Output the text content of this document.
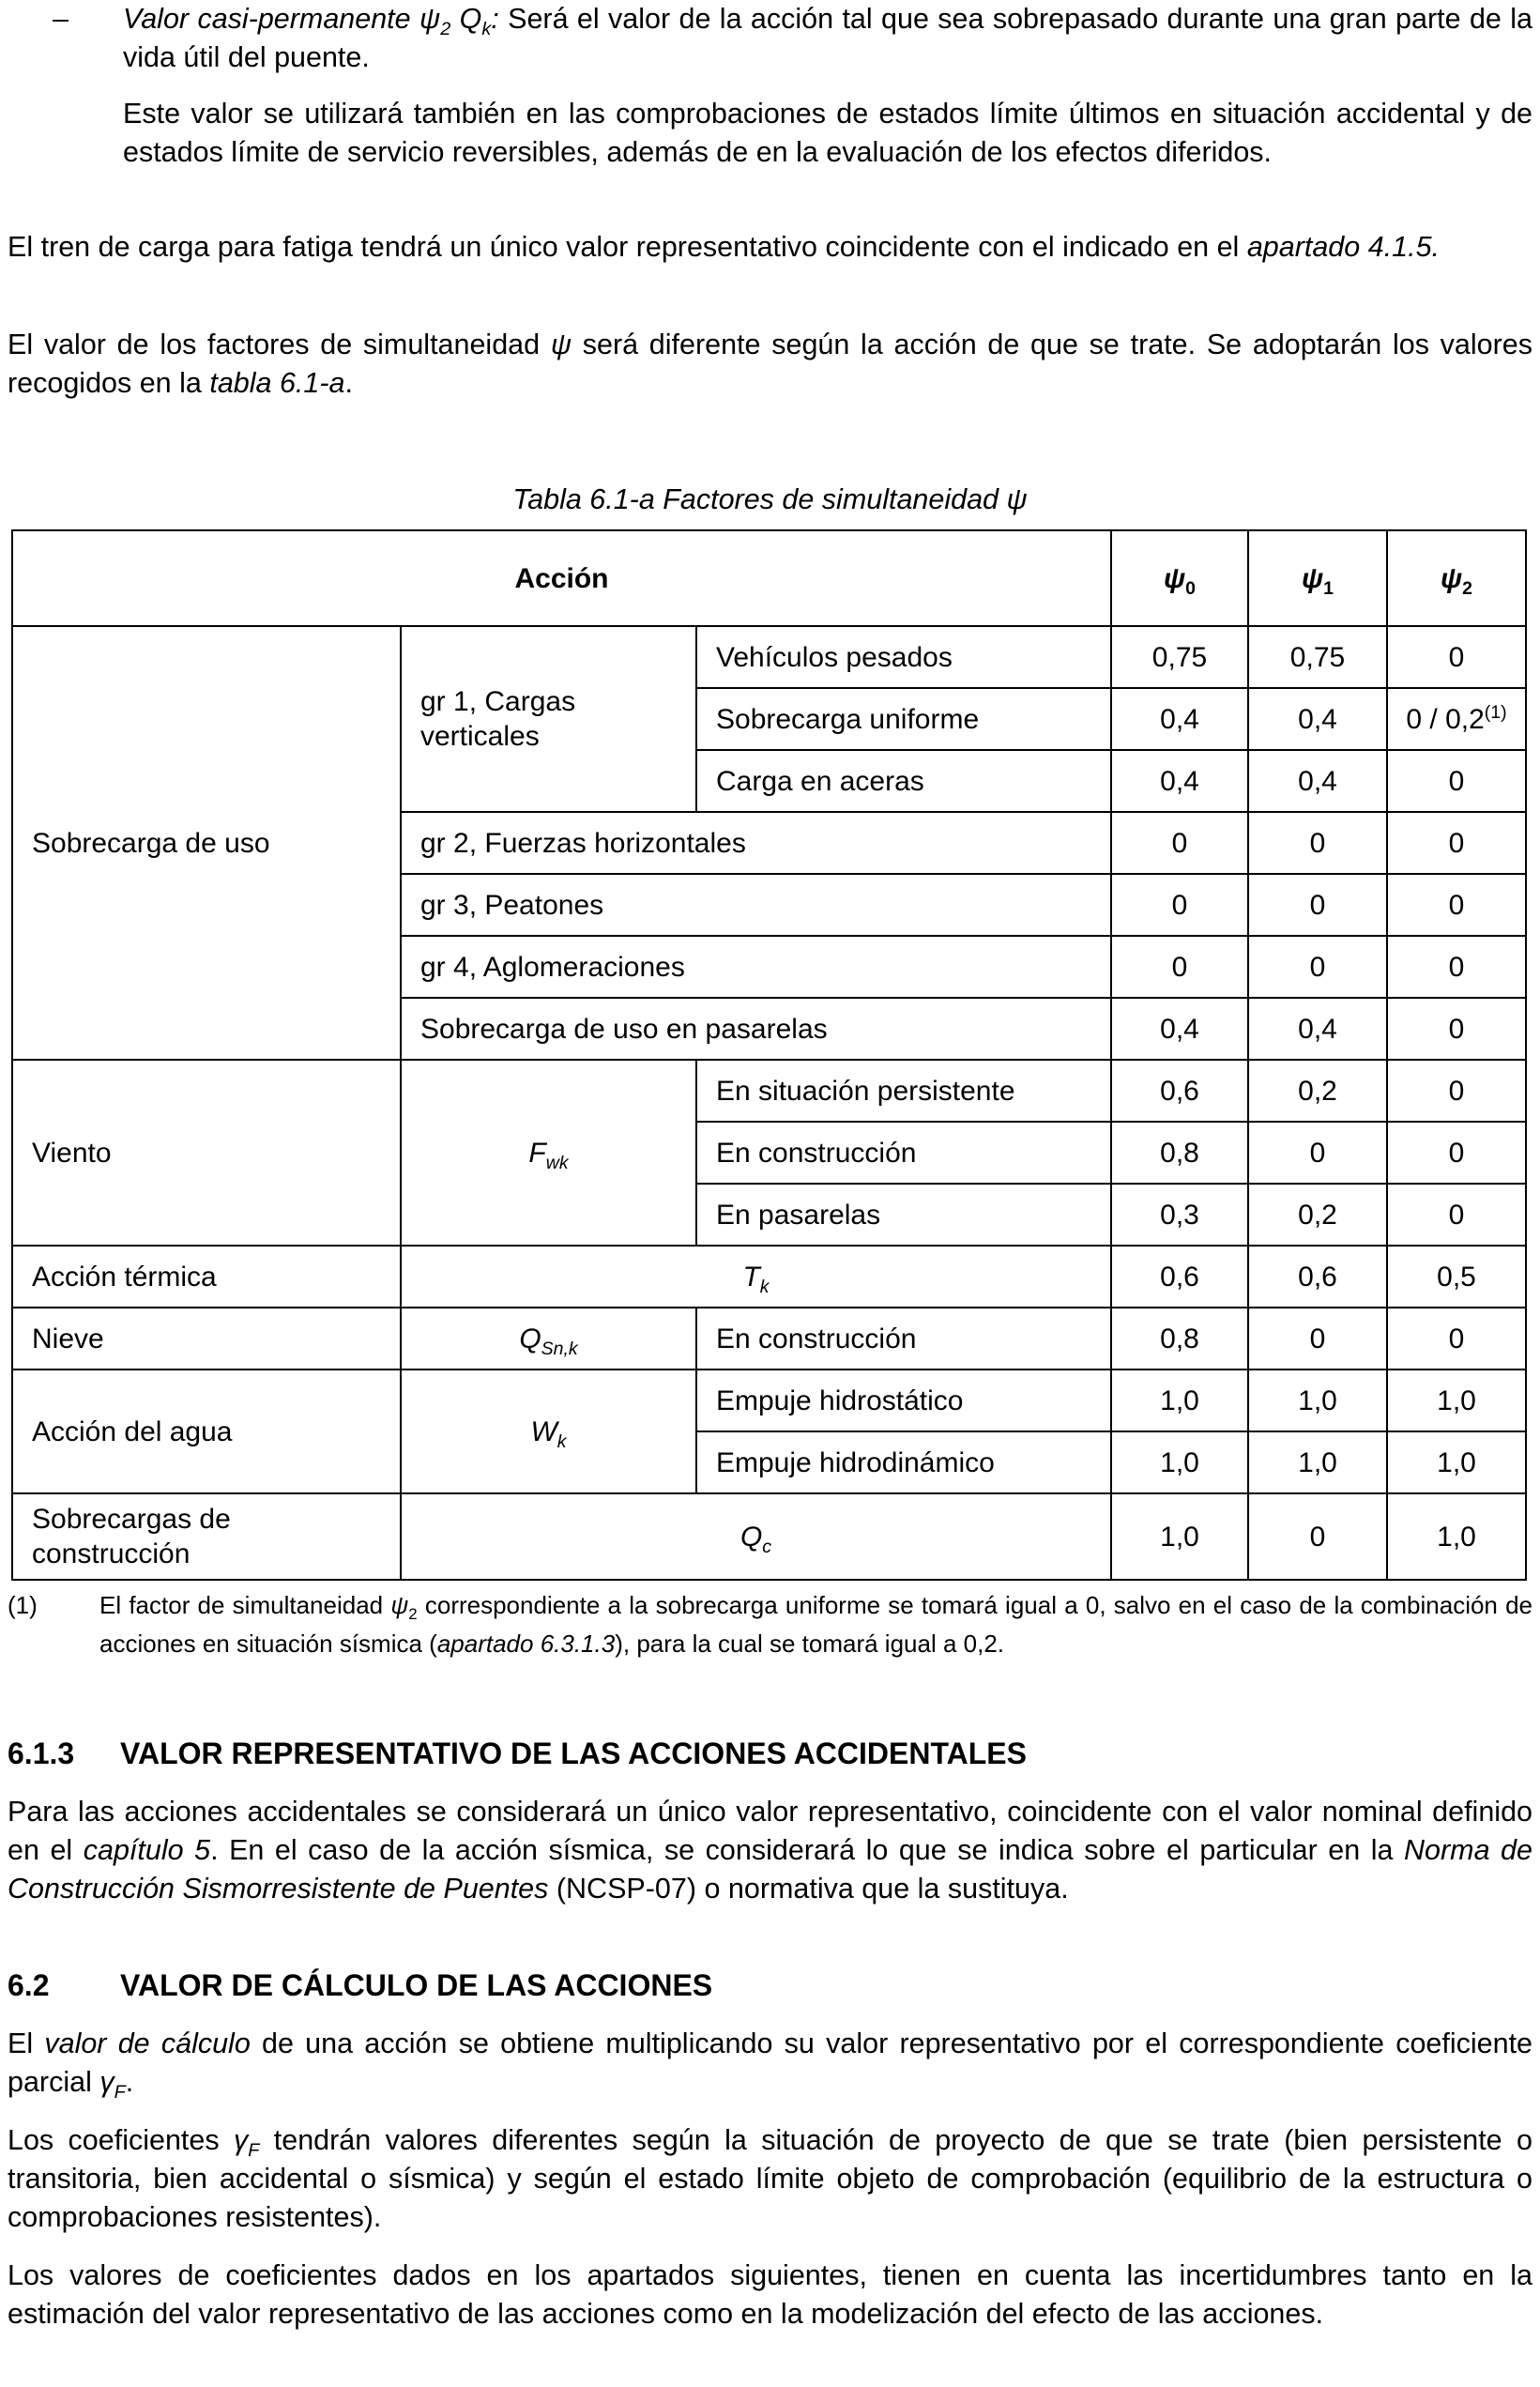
– Valor casi-permanente $\psi_2$ $Q_k$: Será el valor de la acción tal que sea sobrepasado durante una gran parte de la vida útil del puente.

Este valor se utilizará también en las comprobaciones de estados límite últimos en situación accidental y de estados límite de servicio reversibles, además de en la evaluación de los efectos diferidos.

El tren de carga para fatiga tendrá un único valor representativo coincidente con el indicado en el apartado 4.1.5.

El valor de los factores de simultaneidad ψ será diferente según la acción de que se trate. Se adoptarán los valores recogidos en la tabla 6.1-a.

Tabla 6.1-a Factores de simultaneidad ψ
Acción			$\psi_0$	$\psi_1$	$\psi_2$
Sobrecarga de uso	gr 1, Cargas verticales	Vehículos pesados	0,75	0,75	0
		Sobrecarga uniforme	0,4	0,4	0 / 0,2$^{(1)}$
		Carga en aceras	0,4	0,4	0
	gr 2, Fuerzas horizontales		0	0	0
	gr 3, Peatones		0	0	0
	gr 4, Aglomeraciones		0	0	0
	Sobrecarga de uso en pasarelas		0,4	0,4	0
Viento	$F_{wk}$	En situación persistente	0,6	0,2	0
		En construcción	0,8	0	0
		En pasarelas	0,3	0,2	0
Acción térmica	$T_k$		0,6	0,6	0,5
Nieve	$Q_{Sn,k}$	En construcción	0,8	0	0
Acción del agua	$W_k$	Empuje hidrostático	1,0	1,0	1,0
		Empuje hidrodinámico	1,0	1,0	1,0
Sobrecargas de construcción	$Q_c$		1,0	0	1,0
(1)	El factor de simultaneidad $\psi_2$ correspondiente a la sobrecarga uniforme se tomará igual a 0, salvo en el caso de la combinación de acciones en situación sísmica (apartado 6.3.1.3), para la cual se tomará igual a 0,2.

6.1.3 VALOR REPRESENTATIVO DE LAS ACCIONES ACCIDENTALES

Para las acciones accidentales se considerará un único valor representativo, coincidente con el valor nominal definido en el capítulo 5. En el caso de la acción sísmica, se considerará lo que se indica sobre el particular en la Norma de Construcción Sismorresistente de Puentes (NCSP-07) o normativa que la sustituya.

6.2 VALOR DE CÁLCULO DE LAS ACCIONES

El valor de cálculo de una acción se obtiene multiplicando su valor representativo por el correspondiente coeficiente parcial $\gamma_F$.

Los coeficientes $\gamma_F$ tendrán valores diferentes según la situación de proyecto de que se trate (bien persistente o transitoria, bien accidental o sísmica) y según el estado límite objeto de comprobación (equilibrio de la estructura o comprobaciones resistentes).

Los valores de coeficientes dados en los apartados siguientes, tienen en cuenta las incertidumbres tanto en la estimación del valor representativo de las acciones como en la modelización del efecto de las acciones.
